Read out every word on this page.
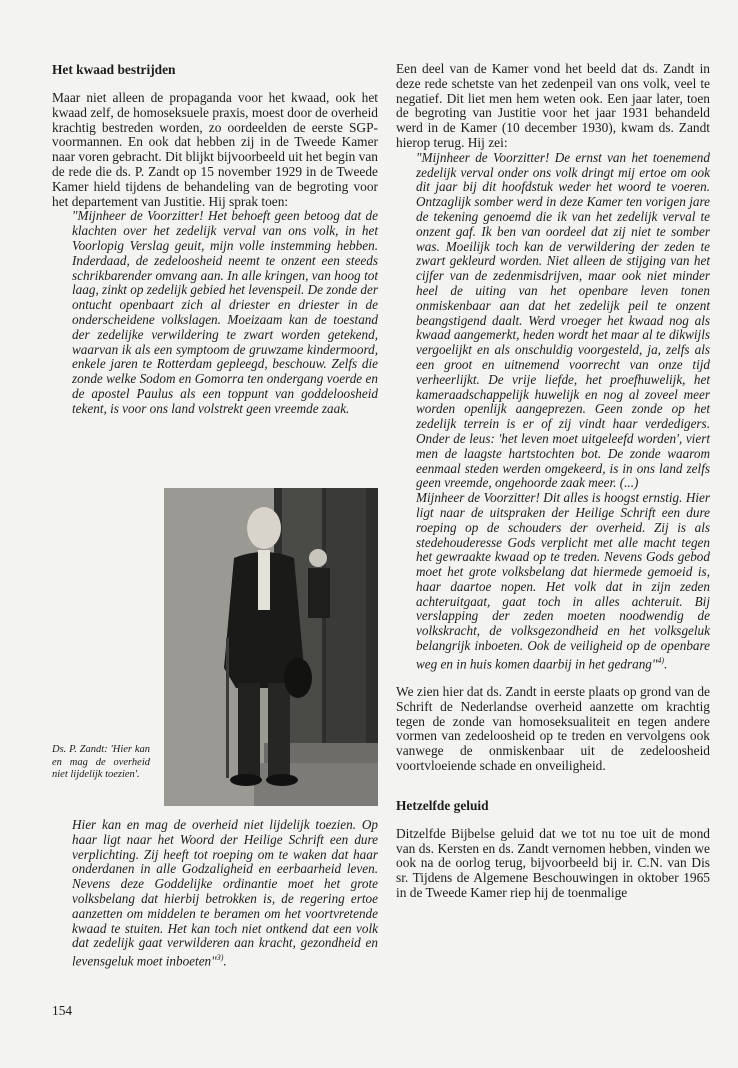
Het kwaad bestrijden

Maar niet alleen de propaganda voor het kwaad, ook het kwaad zelf, de homoseksuele praxis, moest door de overheid krachtig bestreden worden, zo oordeelden de eerste SGP-voormannen. En ook dat hebben zij in de Tweede Kamer naar voren gebracht. Dit blijkt bijvoorbeeld uit het begin van de rede die ds. P. Zandt op 15 november 1929 in de Tweede Kamer hield tijdens de behandeling van de begroting voor het departement van Justitie. Hij sprak toen:

"Mijnheer de Voorzitter! Het behoeft geen betoog dat de klachten over het zedelijk verval van ons volk, in het Voorlopig Verslag geuit, mijn volle instemming hebben. Inderdaad, de zedeloosheid neemt te onzent een steeds schrikbarender omvang aan. In alle kringen, van hoog tot laag, zinkt op zedelijk gebied het levenspeil. De zonde der ontucht openbaart zich al driester en driester in de onderscheidene volkslagen. Moeizaam kan de toestand der zedelijke verwildering te zwart worden getekend, waarvan ik als een symptoom de gruwzame kindermoord, enkele jaren te Rotterdam gepleegd, beschouw. Zelfs die zonde welke Sodom en Gomorra ten ondergang voerde en de apostel Paulus als een toppunt van goddeloosheid tekent, is voor ons land volstrekt geen vreemde zaak.

Ds. P. Zandt: 'Hier kan en mag de overheid niet lijdelijk toezien'.

Hier kan en mag de overheid niet lijdelijk toezien. Op haar ligt naar het Woord der Heilige Schrift een dure verplichting. Zij heeft tot roeping om te waken dat haar onderdanen in alle Godzaligheid en eerbaarheid leven. Nevens deze Goddelijke ordinantie moet het grote volksbelang dat hierbij betrokken is, de regering ertoe aanzetten om middelen te beramen om het voortvretende kwaad te stuiten. Het kan toch niet ontkend dat een volk dat zedelijk gaat verwilderen aan kracht, gezondheid en levensgeluk moet inboeten"$^{3)}$.

Een deel van de Kamer vond het beeld dat ds. Zandt in deze rede schetste van het zedenpeil van ons volk, veel te negatief. Dit liet men hem weten ook. Een jaar later, toen de begroting van Justitie voor het jaar 1931 behandeld werd in de Kamer (10 december 1930), kwam ds. Zandt hierop terug. Hij zei:

"Mijnheer de Voorzitter! De ernst van het toenemend zedelijk verval onder ons volk dringt mij ertoe om ook dit jaar bij dit hoofdstuk weder het woord te voeren. Ontzaglijk somber werd in deze Kamer ten vorigen jare de tekening genoemd die ik van het zedelijk verval te onzent gaf. Ik ben van oordeel dat zij niet te somber was. Moeilijk toch kan de verwildering der zeden te zwart gekleurd worden. Niet alleen de stijging van het cijfer van de zedenmisdrijven, maar ook niet minder heel de uiting van het openbare leven tonen onmiskenbaar aan dat het zedelijk peil te onzent beangstigend daalt. Werd vroeger het kwaad nog als kwaad aangemerkt, heden wordt het maar al te dikwijls vergoelijkt en als onschuldig voorgesteld, ja, zelfs als een groot en uitnemend voorrecht van onze tijd verheerlijkt. De vrije liefde, het proefhuwelijk, het kameraadschappelijk huwelijk en nog al zoveel meer worden openlijk aangeprezen. Geen zonde op het zedelijk terrein is er of zij vindt haar verdedigers. Onder de leus: 'het leven moet uitgeleefd worden', viert men de laagste hartstochten bot. De zonde waarom eenmaal steden werden omgekeerd, is in ons land zelfs geen vreemde, ongehoorde zaak meer. (...)

Mijnheer de Voorzitter! Dit alles is hoogst ernstig. Hier ligt naar de uitspraken der Heilige Schrift een dure roeping op de schouders der overheid. Zij is als stedehouderesse Gods verplicht met alle macht tegen het gewraakte kwaad op te treden. Nevens Gods gebod moet het grote volksbelang dat hiermede gemoeid is, haar daartoe nopen. Het volk dat in zijn zeden achteruitgaat, gaat toch in alles achteruit. Bij verslapping der zeden moeten noodwendig de volkskracht, de volksgezondheid en het volksgeluk belangrijk inboeten. Ook de veiligheid op de openbare weg en in huis komen daarbij in het gedrang"$^{4)}$.

We zien hier dat ds. Zandt in eerste plaats op grond van de Schrift de Nederlandse overheid aanzette om krachtig tegen de zonde van homoseksualiteit en tegen andere vormen van zedeloosheid op te treden en vervolgens ook vanwege de onmiskenbaar uit de zedeloosheid voortvloeiende schade en onveiligheid.

Hetzelfde geluid

Ditzelfde Bijbelse geluid dat we tot nu toe uit de mond van ds. Kersten en ds. Zandt vernomen hebben, vinden we ook na de oorlog terug, bijvoorbeeld bij ir. C.N. van Dis sr. Tijdens de Algemene Beschouwingen in oktober 1965 in de Tweede Kamer riep hij de toenmalige

154
